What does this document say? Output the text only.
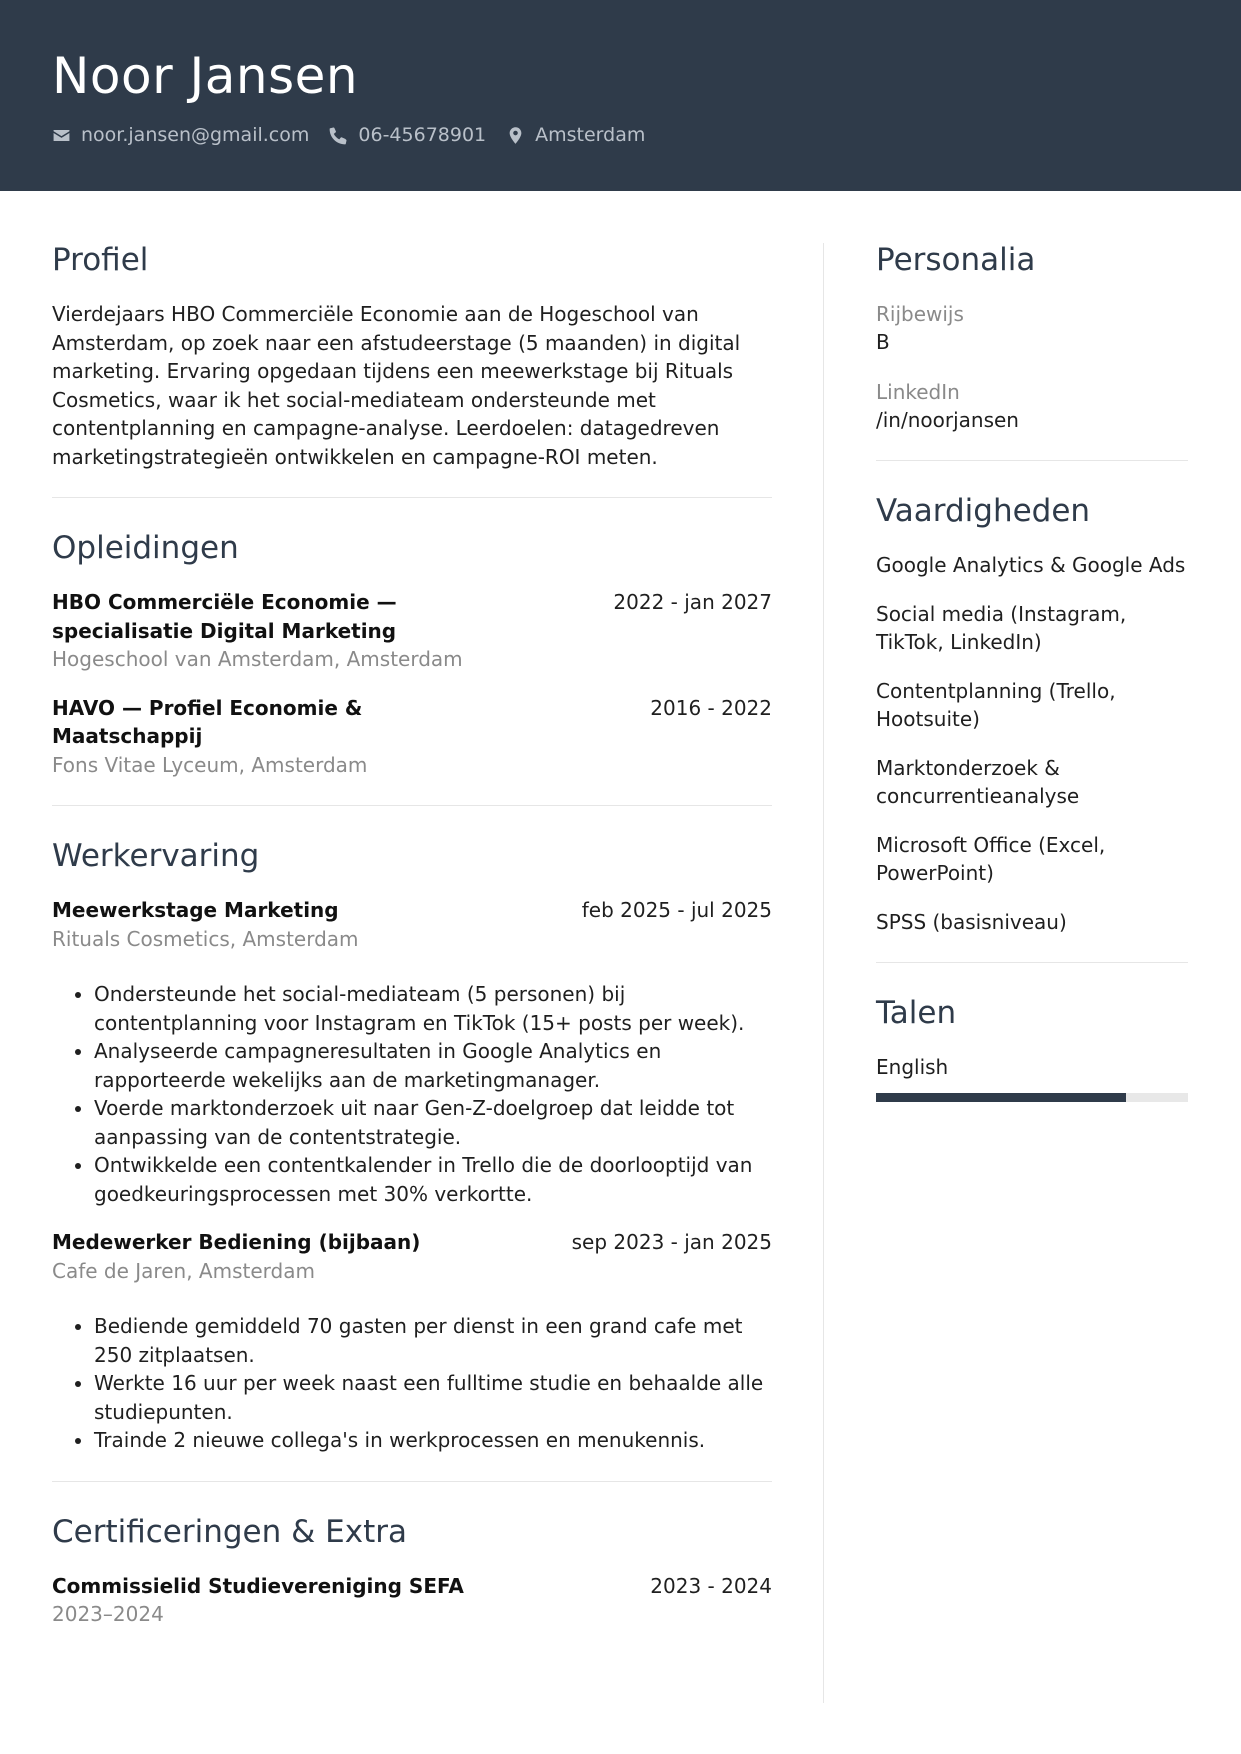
Noor Jansen
noor.jansen@gmail.com	06-45678901	Amsterdam
Profiel

Vierdejaars HBO Commerciële Economie aan de Hogeschool van Amsterdam, op zoek naar een afstudeerstage (5 maanden) in digital marketing. Ervaring opgedaan tijdens een meewerkstage bij Rituals Cosmetics, waar ik het social-mediateam ondersteunde met contentplanning en campagne-analyse. Leerdoelen: datagedreven marketingstrategieën ontwikkelen en campagne-ROI meten.

Opleidingen
HBO Commerciële Economie — specialisatie Digital Marketing
2022 - jan 2027
Hogeschool van Amsterdam, Amsterdam
HAVO — Profiel Economie & Maatschappij
2016 - 2022
Fons Vitae Lyceum, Amsterdam
Werkervaring
Meewerkstage Marketing	feb 2025 - jul 2025
Rituals Cosmetics, Amsterdam
• Ondersteunde het social-mediateam (5 personen) bij contentplanning voor Instagram en TikTok (15+ posts per week).
• Analyseerde campagneresultaten in Google Analytics en rapporteerde wekelijks aan de marketingmanager.
• Voerde marktonderzoek uit naar Gen-Z-doelgroep dat leidde tot aanpassing van de contentstrategie.
• Ontwikkelde een contentkalender in Trello die de doorlooptijd van goedkeuringsprocessen met 30% verkortte.
Medewerker Bediening (bijbaan)	sep 2023 - jan 2025
Cafe de Jaren, Amsterdam
• Bediende gemiddeld 70 gasten per dienst in een grand cafe met 250 zitplaatsen.
• Werkte 16 uur per week naast een fulltime studie en behaalde alle studiepunten.
• Trainde 2 nieuwe collega's in werkprocessen en menukennis.
Certificeringen & Extra
Commissielid Studievereniging SEFA	2023 - 2024
2023–2024
Personalia
Rijbewijs
B
LinkedIn
/in/noorjansen
Vaardigheden
Google Analytics & Google Ads
Social media (Instagram, TikTok, LinkedIn)
Contentplanning (Trello, Hootsuite)
Marktonderzoek & concurrentieanalyse
Microsoft Office (Excel, PowerPoint)
SPSS (basisniveau)
Talen
English
